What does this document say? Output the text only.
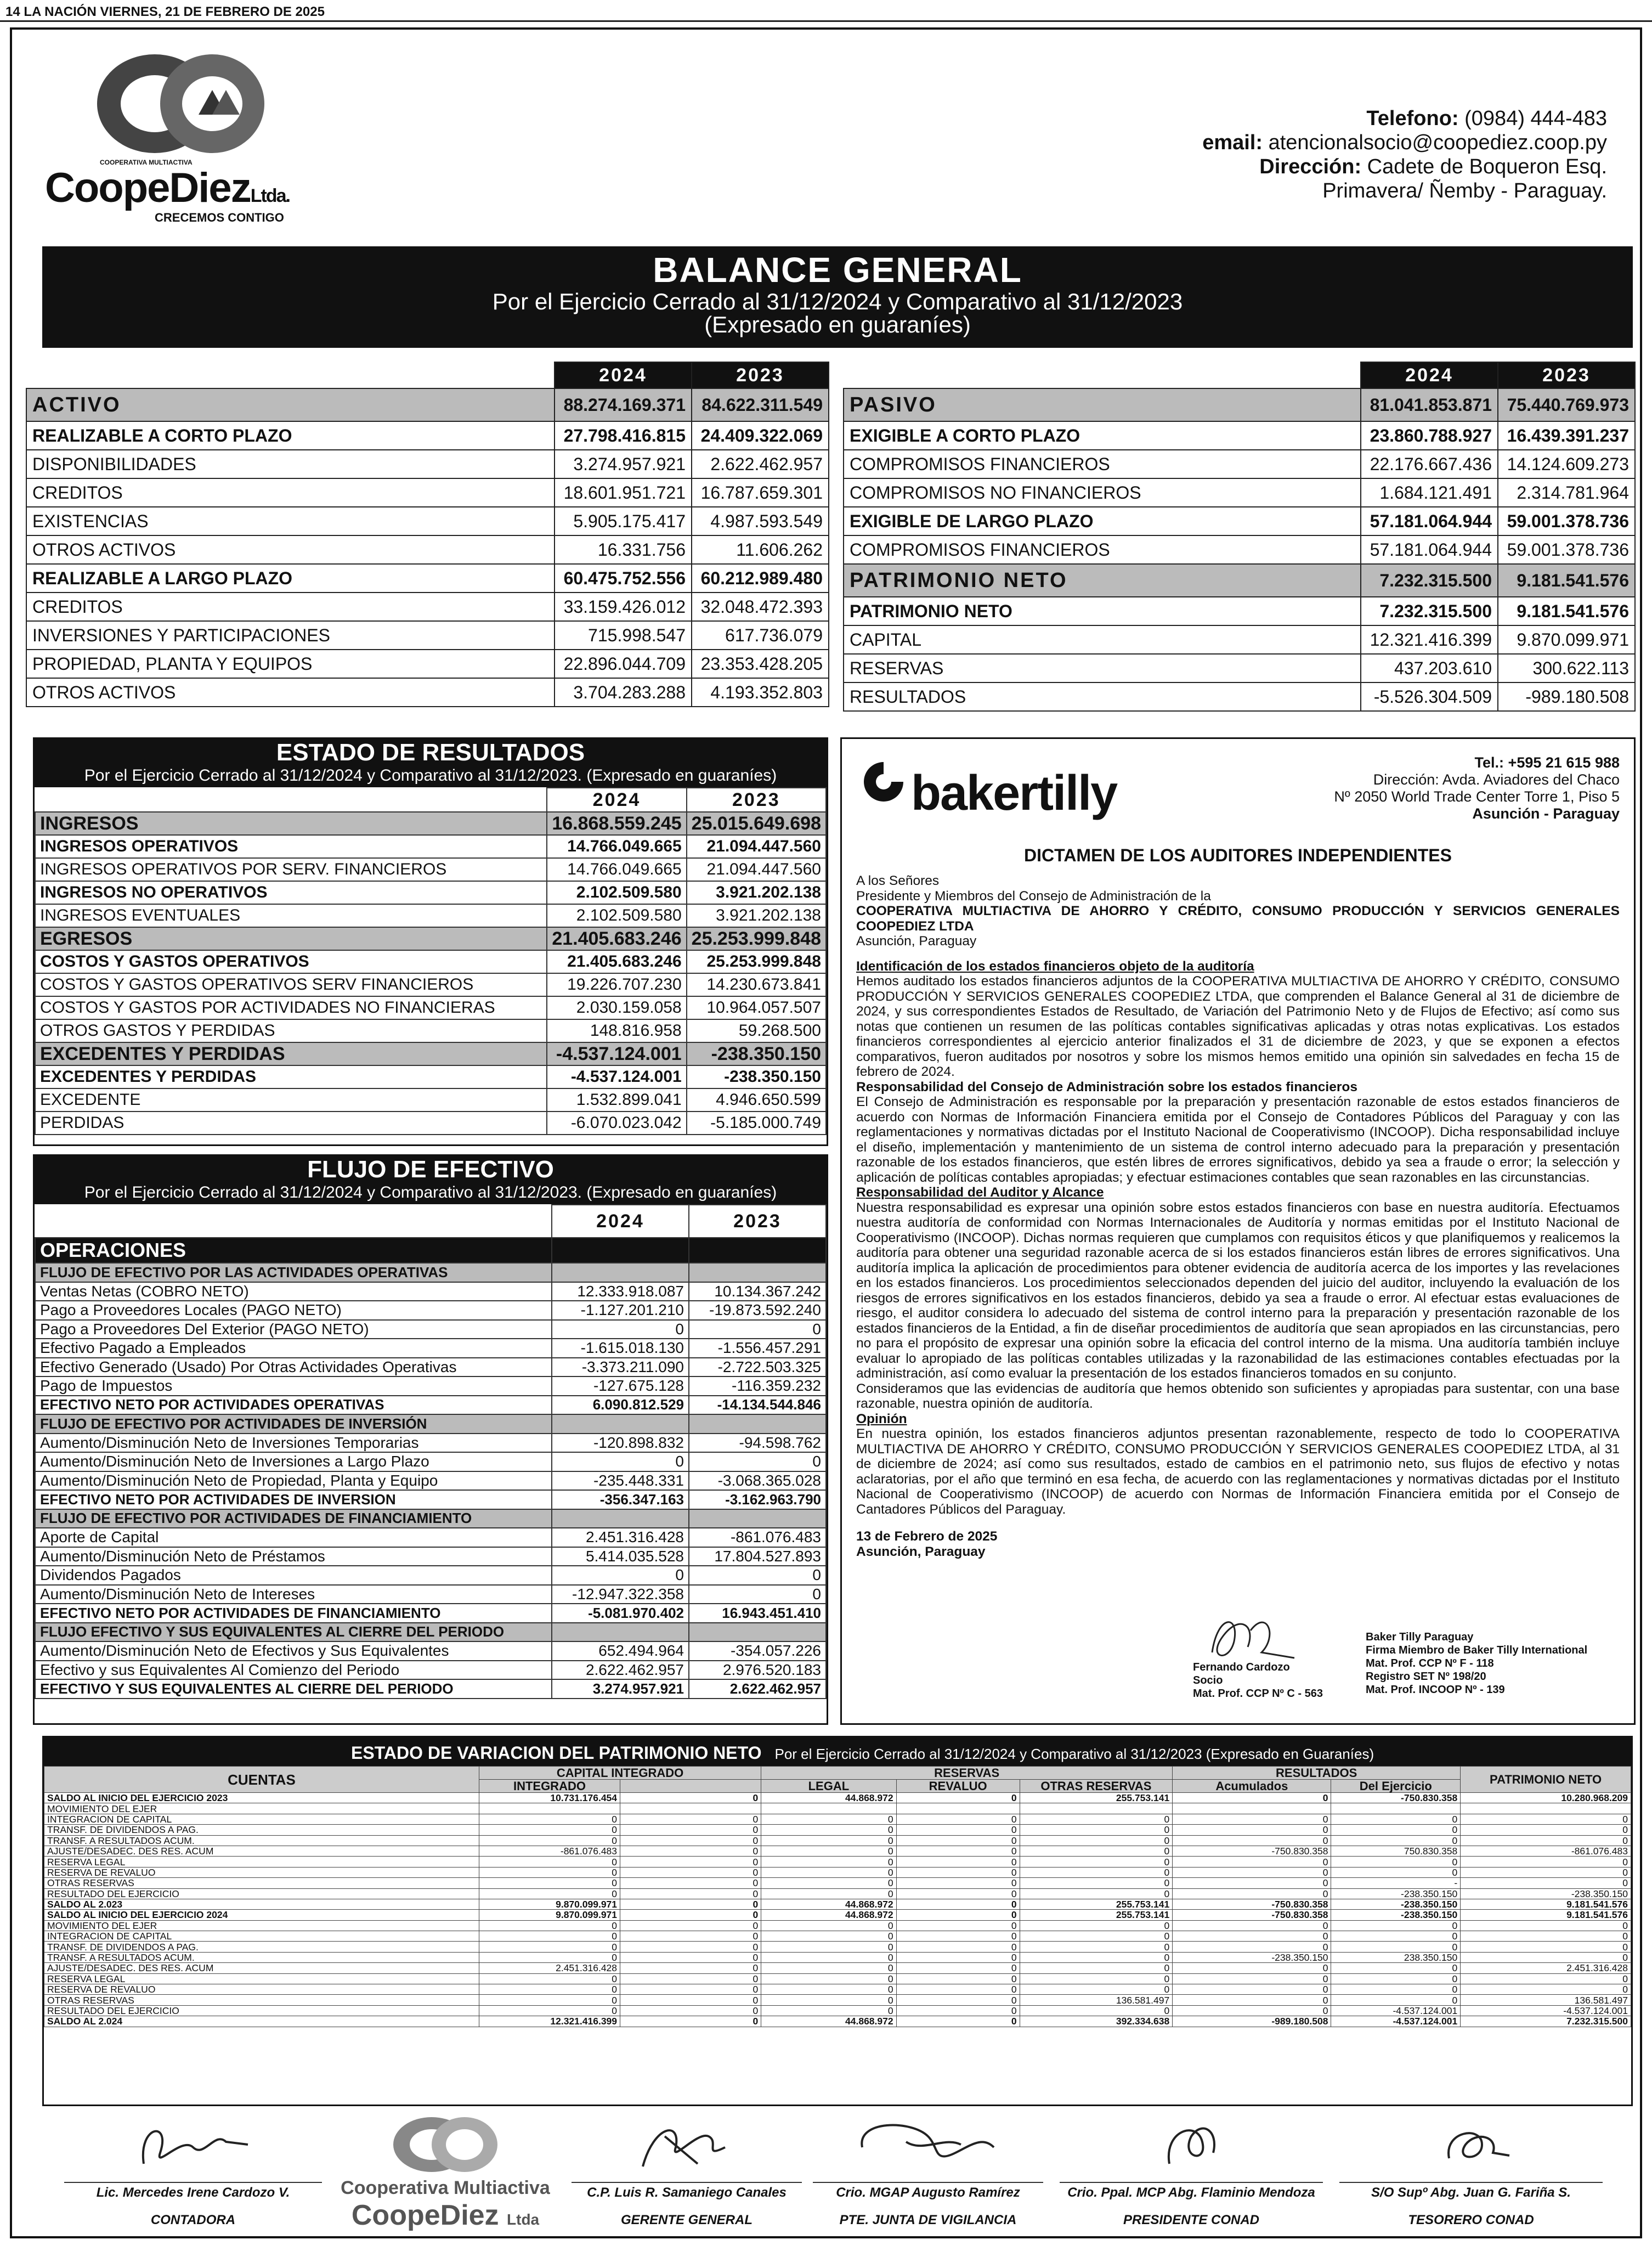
14 LA NACIÓN VIERNES, 21 DE FEBRERO DE 2025
COOPERATIVA MULTIACTIVA
CoopeDiezLtda.
CRECEMOS CONTIGO
Telefono: (0984) 444-483
email: atencionalsocio@coopediez.coop.py
Dirección: Cadete de Boqueron Esq.
Primavera/ Ñemby - Paraguay.
BALANCE GENERAL
Por el Ejercicio Cerrado al 31/12/2024 y Comparativo al 31/12/2023
(Expresado en guaraníes)
	2024	2023
ACTIVO	88.274.169.371	84.622.311.549
REALIZABLE A CORTO PLAZO	27.798.416.815	24.409.322.069
DISPONIBILIDADES	3.274.957.921	2.622.462.957
CREDITOS	18.601.951.721	16.787.659.301
EXISTENCIAS	5.905.175.417	4.987.593.549
OTROS ACTIVOS	16.331.756	11.606.262
REALIZABLE A LARGO PLAZO	60.475.752.556	60.212.989.480
CREDITOS	33.159.426.012	32.048.472.393
INVERSIONES Y PARTICIPACIONES	715.998.547	617.736.079
PROPIEDAD, PLANTA Y EQUIPOS	22.896.044.709	23.353.428.205
OTROS ACTIVOS	3.704.283.288	4.193.352.803
	2024	2023
PASIVO	81.041.853.871	75.440.769.973
EXIGIBLE A CORTO PLAZO	23.860.788.927	16.439.391.237
COMPROMISOS FINANCIEROS	22.176.667.436	14.124.609.273
COMPROMISOS NO FINANCIEROS	1.684.121.491	2.314.781.964
EXIGIBLE DE LARGO PLAZO	57.181.064.944	59.001.378.736
COMPROMISOS FINANCIEROS	57.181.064.944	59.001.378.736
PATRIMONIO NETO	7.232.315.500	9.181.541.576
PATRIMONIO NETO	7.232.315.500	9.181.541.576
CAPITAL	12.321.416.399	9.870.099.971
RESERVAS	437.203.610	300.622.113
RESULTADOS	-5.526.304.509	-989.180.508
ESTADO DE RESULTADOS
Por el Ejercicio Cerrado al 31/12/2024 y Comparativo al 31/12/2023. (Expresado en guaraníes)
	2024	2023
INGRESOS	16.868.559.245	25.015.649.698
INGRESOS OPERATIVOS	14.766.049.665	21.094.447.560
INGRESOS OPERATIVOS POR SERV. FINANCIEROS	14.766.049.665	21.094.447.560
INGRESOS NO OPERATIVOS	2.102.509.580	3.921.202.138
INGRESOS EVENTUALES	2.102.509.580	3.921.202.138
EGRESOS	21.405.683.246	25.253.999.848
COSTOS Y GASTOS OPERATIVOS	21.405.683.246	25.253.999.848
COSTOS Y GASTOS OPERATIVOS SERV FINANCIEROS	19.226.707.230	14.230.673.841
COSTOS Y GASTOS POR ACTIVIDADES NO FINANCIERAS	2.030.159.058	10.964.057.507
OTROS GASTOS Y PERDIDAS	148.816.958	59.268.500
EXCEDENTES Y PERDIDAS	-4.537.124.001	-238.350.150
EXCEDENTES Y PERDIDAS	-4.537.124.001	-238.350.150
EXCEDENTE	1.532.899.041	4.946.650.599
PERDIDAS	-6.070.023.042	-5.185.000.749
FLUJO DE EFECTIVO
Por el Ejercicio Cerrado al 31/12/2024 y Comparativo al 31/12/2023. (Expresado en guaraníes)
	2024	2023
OPERACIONES		
FLUJO DE EFECTIVO POR LAS ACTIVIDADES OPERATIVAS		
Ventas Netas (COBRO NETO)	12.333.918.087	10.134.367.242
Pago a Proveedores Locales (PAGO NETO)	-1.127.201.210	-19.873.592.240
Pago a Proveedores Del Exterior (PAGO NETO)	0	0
Efectivo Pagado a Empleados	-1.615.018.130	-1.556.457.291
Efectivo Generado (Usado) Por Otras Actividades Operativas	-3.373.211.090	-2.722.503.325
Pago de Impuestos	-127.675.128	-116.359.232
EFECTIVO NETO POR ACTIVIDADES OPERATIVAS	6.090.812.529	-14.134.544.846
FLUJO DE EFECTIVO POR ACTIVIDADES DE INVERSIÓN		
Aumento/Disminución Neto de Inversiones Temporarias	-120.898.832	-94.598.762
Aumento/Disminución Neto de Inversiones a Largo Plazo	0	0
Aumento/Disminución Neto de Propiedad, Planta y Equipo	-235.448.331	-3.068.365.028
EFECTIVO NETO POR ACTIVIDADES DE INVERSION	-356.347.163	-3.162.963.790
FLUJO DE EFECTIVO POR ACTIVIDADES DE FINANCIAMIENTO		
Aporte de Capital	2.451.316.428	-861.076.483
Aumento/Disminución Neto de Préstamos	5.414.035.528	17.804.527.893
Dividendos Pagados	0	0
Aumento/Disminución Neto de Intereses	-12.947.322.358	0
EFECTIVO NETO POR ACTIVIDADES DE FINANCIAMIENTO	-5.081.970.402	16.943.451.410
FLUJO EFECTIVO Y SUS EQUIVALENTES AL CIERRE DEL PERIODO		
Aumento/Disminución Neto de Efectivos y Sus Equivalentes	652.494.964	-354.057.226
Efectivo y sus Equivalentes Al Comienzo del Periodo	2.622.462.957	2.976.520.183
EFECTIVO Y SUS EQUIVALENTES AL CIERRE DEL PERIODO	3.274.957.921	2.622.462.957
bakertilly
Tel.: +595 21 615 988
Dirección: Avda. Aviadores del Chaco
Nº 2050 World Trade Center Torre 1, Piso 5
Asunción - Paraguay
DICTAMEN DE LOS AUDITORES INDEPENDIENTES

A los Señores

Presidente y Miembros del Consejo de Administración de la

COOPERATIVA MULTIACTIVA DE AHORRO Y CRÉDITO, CONSUMO PRODUCCIÓN Y SERVICIOS GENERALES COOPEDIEZ LTDA

Asunción, Paraguay

Identificación de los estados financieros objeto de la auditoría

Hemos auditado los estados financieros adjuntos de la COOPERATIVA MULTIACTIVA DE AHORRO Y CRÉDITO, CONSUMO PRODUCCIÓN Y SERVICIOS GENERALES COOPEDIEZ LTDA, que comprenden el Balance General al 31 de diciembre de 2024, y sus correspondientes Estados de Resultado, de Variación del Patrimonio Neto y de Flujos de Efectivo; así como sus notas que contienen un resumen de las políticas contables significativas aplicadas y otras notas explicativas. Los estados financieros correspondientes al ejercicio anterior finalizados el 31 de diciembre de 2023, y que se exponen a efectos comparativos, fueron auditados por nosotros y sobre los mismos hemos emitido una opinión sin salvedades en fecha 15 de febrero de 2024.

Responsabilidad del Consejo de Administración sobre los estados financieros

El Consejo de Administración es responsable por la preparación y presentación razonable de estos estados financieros de acuerdo con Normas de Información Financiera emitida por el Consejo de Contadores Públicos del Paraguay y con las reglamentaciones y normativas dictadas por el Instituto Nacional de Cooperativismo (INCOOP). Dicha responsabilidad incluye el diseño, implementación y mantenimiento de un sistema de control interno adecuado para la preparación y presentación razonable de los estados financieros, que estén libres de errores significativos, debido ya sea a fraude o error; la selección y aplicación de políticas contables apropiadas; y efectuar estimaciones contables que sean razonables en las circunstancias.

Responsabilidad del Auditor y Alcance

Nuestra responsabilidad es expresar una opinión sobre estos estados financieros con base en nuestra auditoría. Efectuamos nuestra auditoría de conformidad con Normas Internacionales de Auditoría y normas emitidas por el Instituto Nacional de Cooperativismo (INCOOP). Dichas normas requieren que cumplamos con requisitos éticos y que planifiquemos y realicemos la auditoría para obtener una seguridad razonable acerca de si los estados financieros están libres de errores significativos. Una auditoría implica la aplicación de procedimientos para obtener evidencia de auditoría acerca de los importes y las revelaciones en los estados financieros. Los procedimientos seleccionados dependen del juicio del auditor, incluyendo la evaluación de los riesgos de errores significativos en los estados financieros, debido ya sea a fraude o error. Al efectuar estas evaluaciones de riesgo, el auditor considera lo adecuado del sistema de control interno para la preparación y presentación razonable de los estados financieros de la Entidad, a fin de diseñar procedimientos de auditoría que sean apropiados en las circunstancias, pero no para el propósito de expresar una opinión sobre la eficacia del control interno de la misma. Una auditoría también incluye evaluar lo apropiado de las políticas contables utilizadas y la razonabilidad de las estimaciones contables efectuadas por la administración, así como evaluar la presentación de los estados financieros tomados en su conjunto.

Consideramos que las evidencias de auditoría que hemos obtenido son suficientes y apropiadas para sustentar, con una base razonable, nuestra opinión de auditoría.

Opinión

En nuestra opinión, los estados financieros adjuntos presentan razonablemente, respecto de todo lo COOPERATIVA MULTIACTIVA DE AHORRO Y CRÉDITO, CONSUMO PRODUCCIÓN Y SERVICIOS GENERALES COOPEDIEZ LTDA, al 31 de diciembre de 2024; así como sus resultados, estado de cambios en el patrimonio neto, sus flujos de efectivo y notas aclaratorias, por el año que terminó en esa fecha, de acuerdo con las reglamentaciones y normativas dictadas por el Instituto Nacional de Cooperativismo (INCOOP) de acuerdo con Normas de Información Financiera emitida por el Consejo de Cantadores Públicos del Paraguay.

13 de Febrero de 2025

Asunción, Paraguay

Fernando Cardozo
Socio
Mat. Prof. CCP Nº C - 563
Baker Tilly Paraguay
Firma Miembro de Baker Tilly International
Mat. Prof. CCP Nº F - 118
Registro SET Nº 198/20
Mat. Prof. INCOOP Nº - 139
ESTADO DE VARIACION DEL PATRIMONIO NETO Por el Ejercicio Cerrado al 31/12/2024 y Comparativo al 31/12/2023 (Expresado en Guaraníes)
CUENTAS	CAPITAL INTEGRADO		RESERVAS			RESULTADOS		PATRIMONIO NETO
	INTEGRADO		LEGAL	REVALUO	OTRAS RESERVAS	Acumulados	Del Ejercicio	
SALDO AL INICIO DEL EJERCICIO 2023	10.731.176.454	0	44.868.972	0	255.753.141	0	-750.830.358	10.280.968.209
MOVIMIENTO DEL EJER								
INTEGRACION DE CAPITAL	0	0	0	0	0	0	0	0
TRANSF. DE DIVIDENDOS A PAG.	0	0	0	0	0	0	0	0
TRANSF. A RESULTADOS ACUM.	0	0	0	0	0	0	0	0
AJUSTE/DESADEC. DES RES. ACUM	-861.076.483	0	0	0	0	-750.830.358	750.830.358	-861.076.483
RESERVA LEGAL	0	0	0	0	0	0	0	0
RESERVA DE REVALUO	0	0	0	0	0	0	0	0
OTRAS RESERVAS	0	0	0	0	0	0	-	0
RESULTADO DEL EJERCICIO	0	0	0	0	0	0	-238.350.150	-238.350.150
SALDO AL 2.023	9.870.099.971	0	44.868.972	0	255.753.141	-750.830.358	-238.350.150	9.181.541.576
SALDO AL INICIO DEL EJERCICIO 2024	9.870.099.971	0	44.868.972	0	255.753.141	-750.830.358	-238.350.150	9.181.541.576
MOVIMIENTO DEL EJER	0	0	0	0	0	0	0	0
INTEGRACION DE CAPITAL	0	0	0	0	0	0	0	0
TRANSF. DE DIVIDENDOS A PAG.	0	0	0	0	0	0	0	0
TRANSF. A RESULTADOS ACUM.	0	0	0	0	0	-238.350.150	238.350.150	0
AJUSTE/DESADEC. DES RES. ACUM	2.451.316.428	0	0	0	0	0	0	2.451.316.428
RESERVA LEGAL	0	0	0	0	0	0	0	0
RESERVA DE REVALUO	0	0	0	0	0	0	0	0
OTRAS RESERVAS	0	0	0	0	136.581.497	0	0	136.581.497
RESULTADO DEL EJERCICIO	0	0	0	0	0	0	-4.537.124.001	-4.537.124.001
SALDO AL 2.024	12.321.416.399	0	44.868.972	0	392.334.638	-989.180.508	-4.537.124.001	7.232.315.500
Lic. Mercedes Irene Cardozo V.
CONTADORA
Cooperativa Multiactiva
CoopeDiez Ltda
C.P. Luis R. Samaniego Canales
GERENTE GENERAL
Crio. MGAP Augusto Ramírez
PTE. JUNTA DE VIGILANCIA
Crio. Ppal. MCP Abg. Flaminio Mendoza
PRESIDENTE CONAD
S/O Supº Abg. Juan G. Fariña S.
TESORERO CONAD
